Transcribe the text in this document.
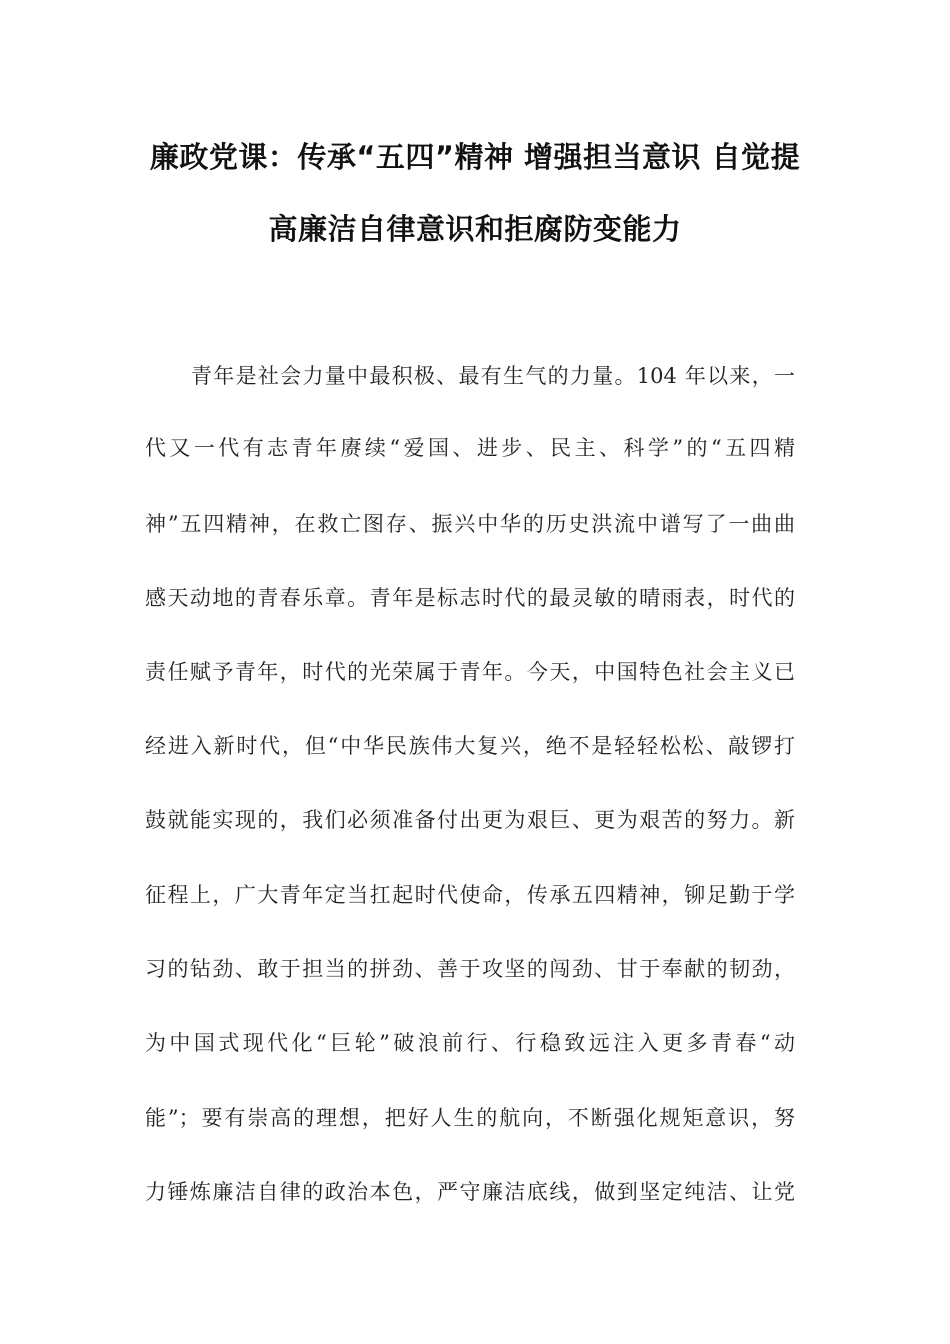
廉政党课：传承“五四”精神 增强担当意识 自觉提
高廉洁自律意识和拒腐防变能力
青年是社会力量中最积极、最有生气的力量。104 年以来，一
代又一代有志青年赓续“爱国、进步、民主、科学”的“五四精
神”五四精神，在救亡图存、振兴中华的历史洪流中谱写了一曲曲
感天动地的青春乐章。青年是标志时代的最灵敏的晴雨表，时代的
责任赋予青年，时代的光荣属于青年。今天，中国特色社会主义已
经进入新时代，但“中华民族伟大复兴，绝不是轻轻松松、敲锣打
鼓就能实现的，我们必须准备付出更为艰巨、更为艰苦的努力。新
征程上，广大青年定当扛起时代使命，传承五四精神，铆足勤于学
习的钻劲、敢于担当的拼劲、善于攻坚的闯劲、甘于奉献的韧劲，
为中国式现代化“巨轮”破浪前行、行稳致远注入更多青春“动
能”；要有崇高的理想，把好人生的航向，不断强化规矩意识，努
力锤炼廉洁自律的政治本色，严守廉洁底线，做到坚定纯洁、让党
